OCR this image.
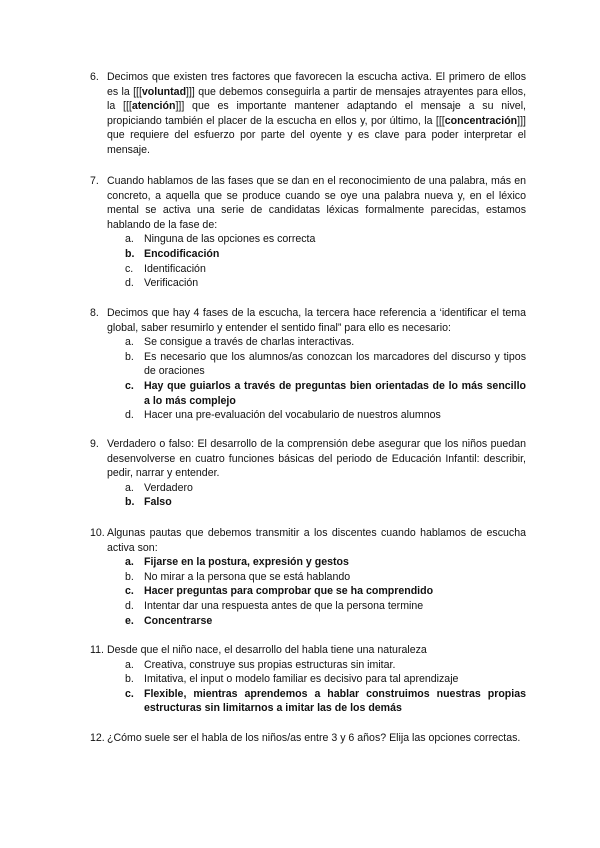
6. Decimos que existen tres factores que favorecen la escucha activa. El primero de ellos es la [[[voluntad]]] que debemos conseguirla a partir de mensajes atrayentes para ellos, la [[[atención]]] que es importante mantener adaptando el mensaje a su nivel, propiciando también el placer de la escucha en ellos y, por último, la [[[concentración]]] que requiere del esfuerzo por parte del oyente y es clave para poder interpretar el mensaje.
7. Cuando hablamos de las fases que se dan en el reconocimiento de una palabra, más en concreto, a aquella que se produce cuando se oye una palabra nueva y, en el léxico mental se activa una serie de candidatas léxicas formalmente parecidas, estamos hablando de la fase de:
a. Ninguna de las opciones es correcta
b. Encodificación
c.	Identificación
d. Verificación
8. Decimos que hay 4 fases de la escucha, la tercera hace referencia a ‘identificar el tema global, saber resumirlo y entender el sentido final” para ello es necesario:
a. Se consigue a través de charlas interactivas.
b. Es necesario que los alumnos/as conozcan los marcadores del discurso y tipos de oraciones
c. Hay que guiarlos a través de preguntas bien orientadas de lo más sencillo a lo más complejo
d. Hacer una pre-evaluación del vocabulario de nuestros alumnos
9. Verdadero o falso: El desarrollo de la comprensión debe asegurar que los niños puedan desenvolverse en cuatro funciones básicas del periodo de Educación Infantil: describir, pedir, narrar y entender.
a. Verdadero
b. Falso
10. Algunas pautas que debemos transmitir a los discentes cuando hablamos de escucha activa son:
a. Fijarse en la postura, expresión y gestos
b. No mirar a la persona que se está hablando
c. Hacer preguntas para comprobar que se ha comprendido
d. Intentar dar una respuesta antes de que la persona termine
e. Concentrarse
11. Desde que el niño nace, el desarrollo del habla tiene una naturaleza
a. Creativa, construye sus propias estructuras sin imitar.
b. Imitativa, el input o modelo familiar es decisivo para tal aprendizaje
c. Flexible, mientras aprendemos a hablar construimos nuestras propias estructuras sin limitarnos a imitar las de los demás
12. ¿Cómo suele ser el habla de los niños/as entre 3 y 6 años? Elija las opciones correctas.
